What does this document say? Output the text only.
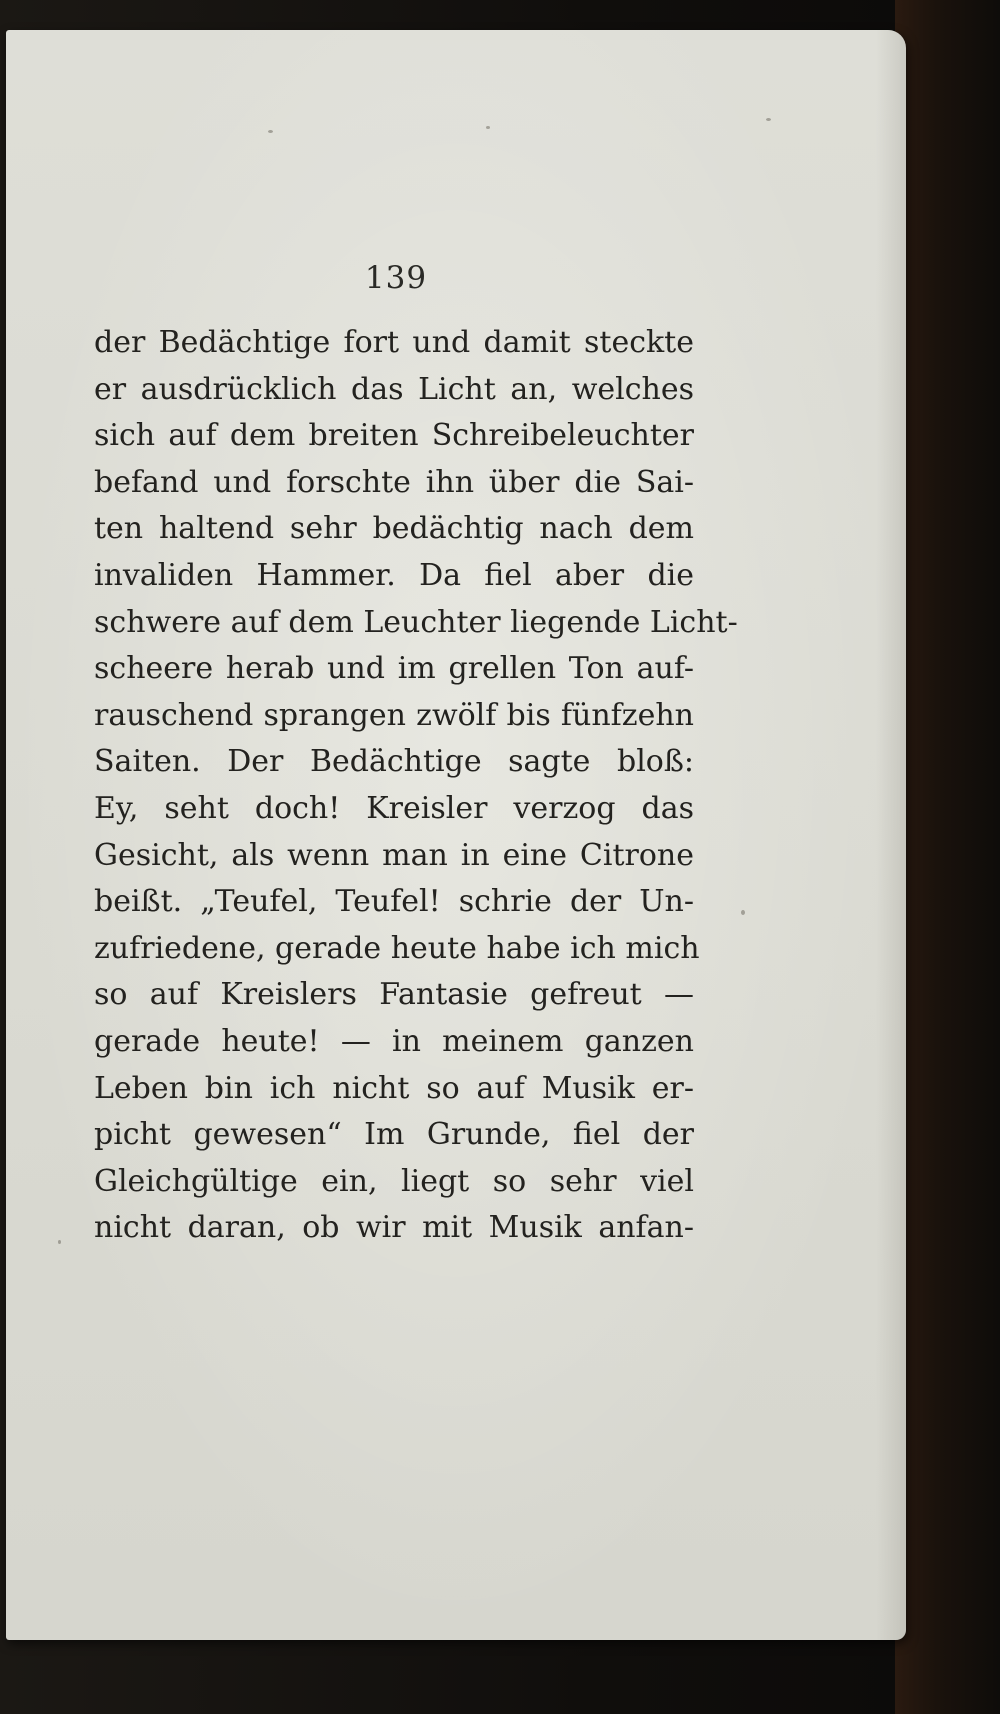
139
der Bedächtige fort und damit steckte
er ausdrücklich das Licht an, welches
sich auf dem breiten Schreibeleuchter
befand und forschte ihn über die Sai-
ten haltend sehr bedächtig nach dem
invaliden Hammer. Da fiel aber die
schwere auf dem Leuchter liegende Licht-
scheere herab und im grellen Ton auf-
rauschend sprangen zwölf bis fünfzehn
Saiten. Der Bedächtige sagte bloß:
Ey, seht doch! Kreisler verzog das
Gesicht, als wenn man in eine Citrone
beißt. „Teufel, Teufel! schrie der Un-
zufriedene, gerade heute habe ich mich
so auf Kreislers Fantasie gefreut —
gerade heute! — in meinem ganzen
Leben bin ich nicht so auf Musik er-
picht gewesen“ Im Grunde, fiel der
Gleichgültige ein, liegt so sehr viel
nicht daran, ob wir mit Musik anfan-
